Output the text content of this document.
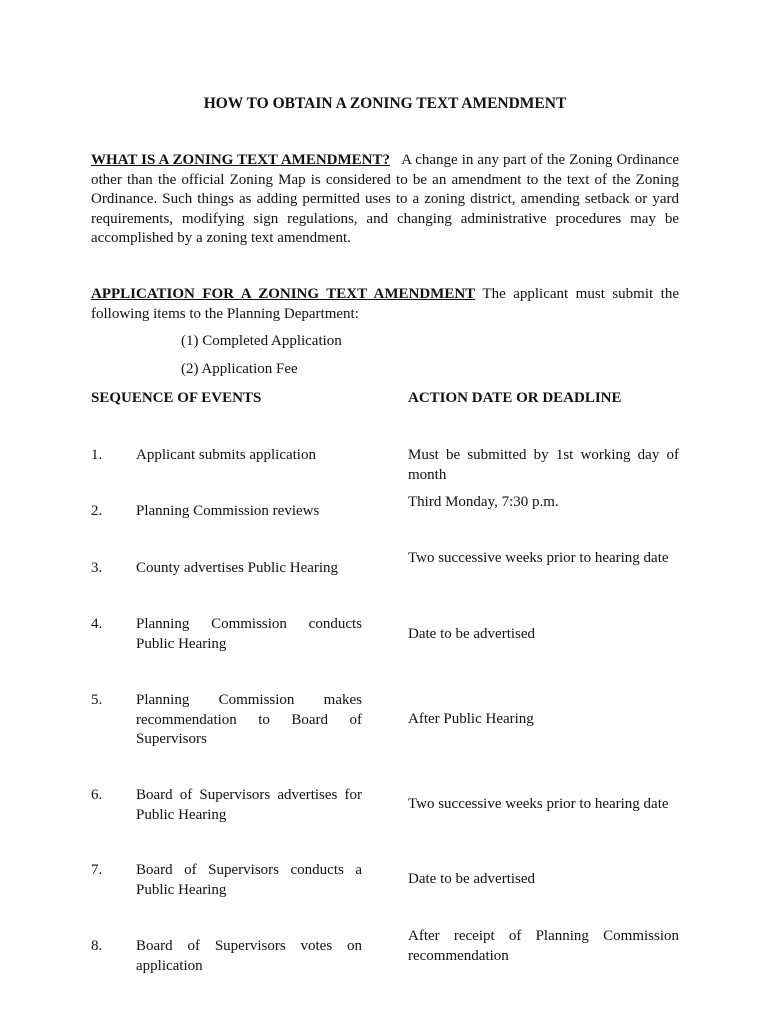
HOW TO OBTAIN A ZONING TEXT AMENDMENT

WHAT IS A ZONING TEXT AMENDMENT? A change in any part of the Zoning Ordinance other than the official Zoning Map is considered to be an amendment to the text of the Zoning Ordinance. Such things as adding permitted uses to a zoning district, amending setback or yard requirements, modifying sign regulations, and changing administrative procedures may be accomplished by a zoning text amendment.

APPLICATION FOR A ZONING TEXT AMENDMENT The applicant must submit the following items to the Planning Department:

(1) Completed Application
(2) Application Fee
SEQUENCE OF EVENTS	ACTION DATE OR DEADLINE
1. Applicant submits application	Must be submitted by 1st working day of month
2. Planning Commission reviews
Third Monday, 7:30 p.m.
3. County advertises Public Hearing
Two successive weeks prior to hearing date
4. Planning Commission conducts Public Hearing
Date to be advertised
5. Planning Commission makes recommendation to Board of Supervisors
After Public Hearing
6. Board of Supervisors advertises for Public Hearing
Two successive weeks prior to hearing date
7. Board of Supervisors conducts a Public Hearing
Date to be advertised
8. Board of Supervisors votes on application
After receipt of Planning Commission recommendation
